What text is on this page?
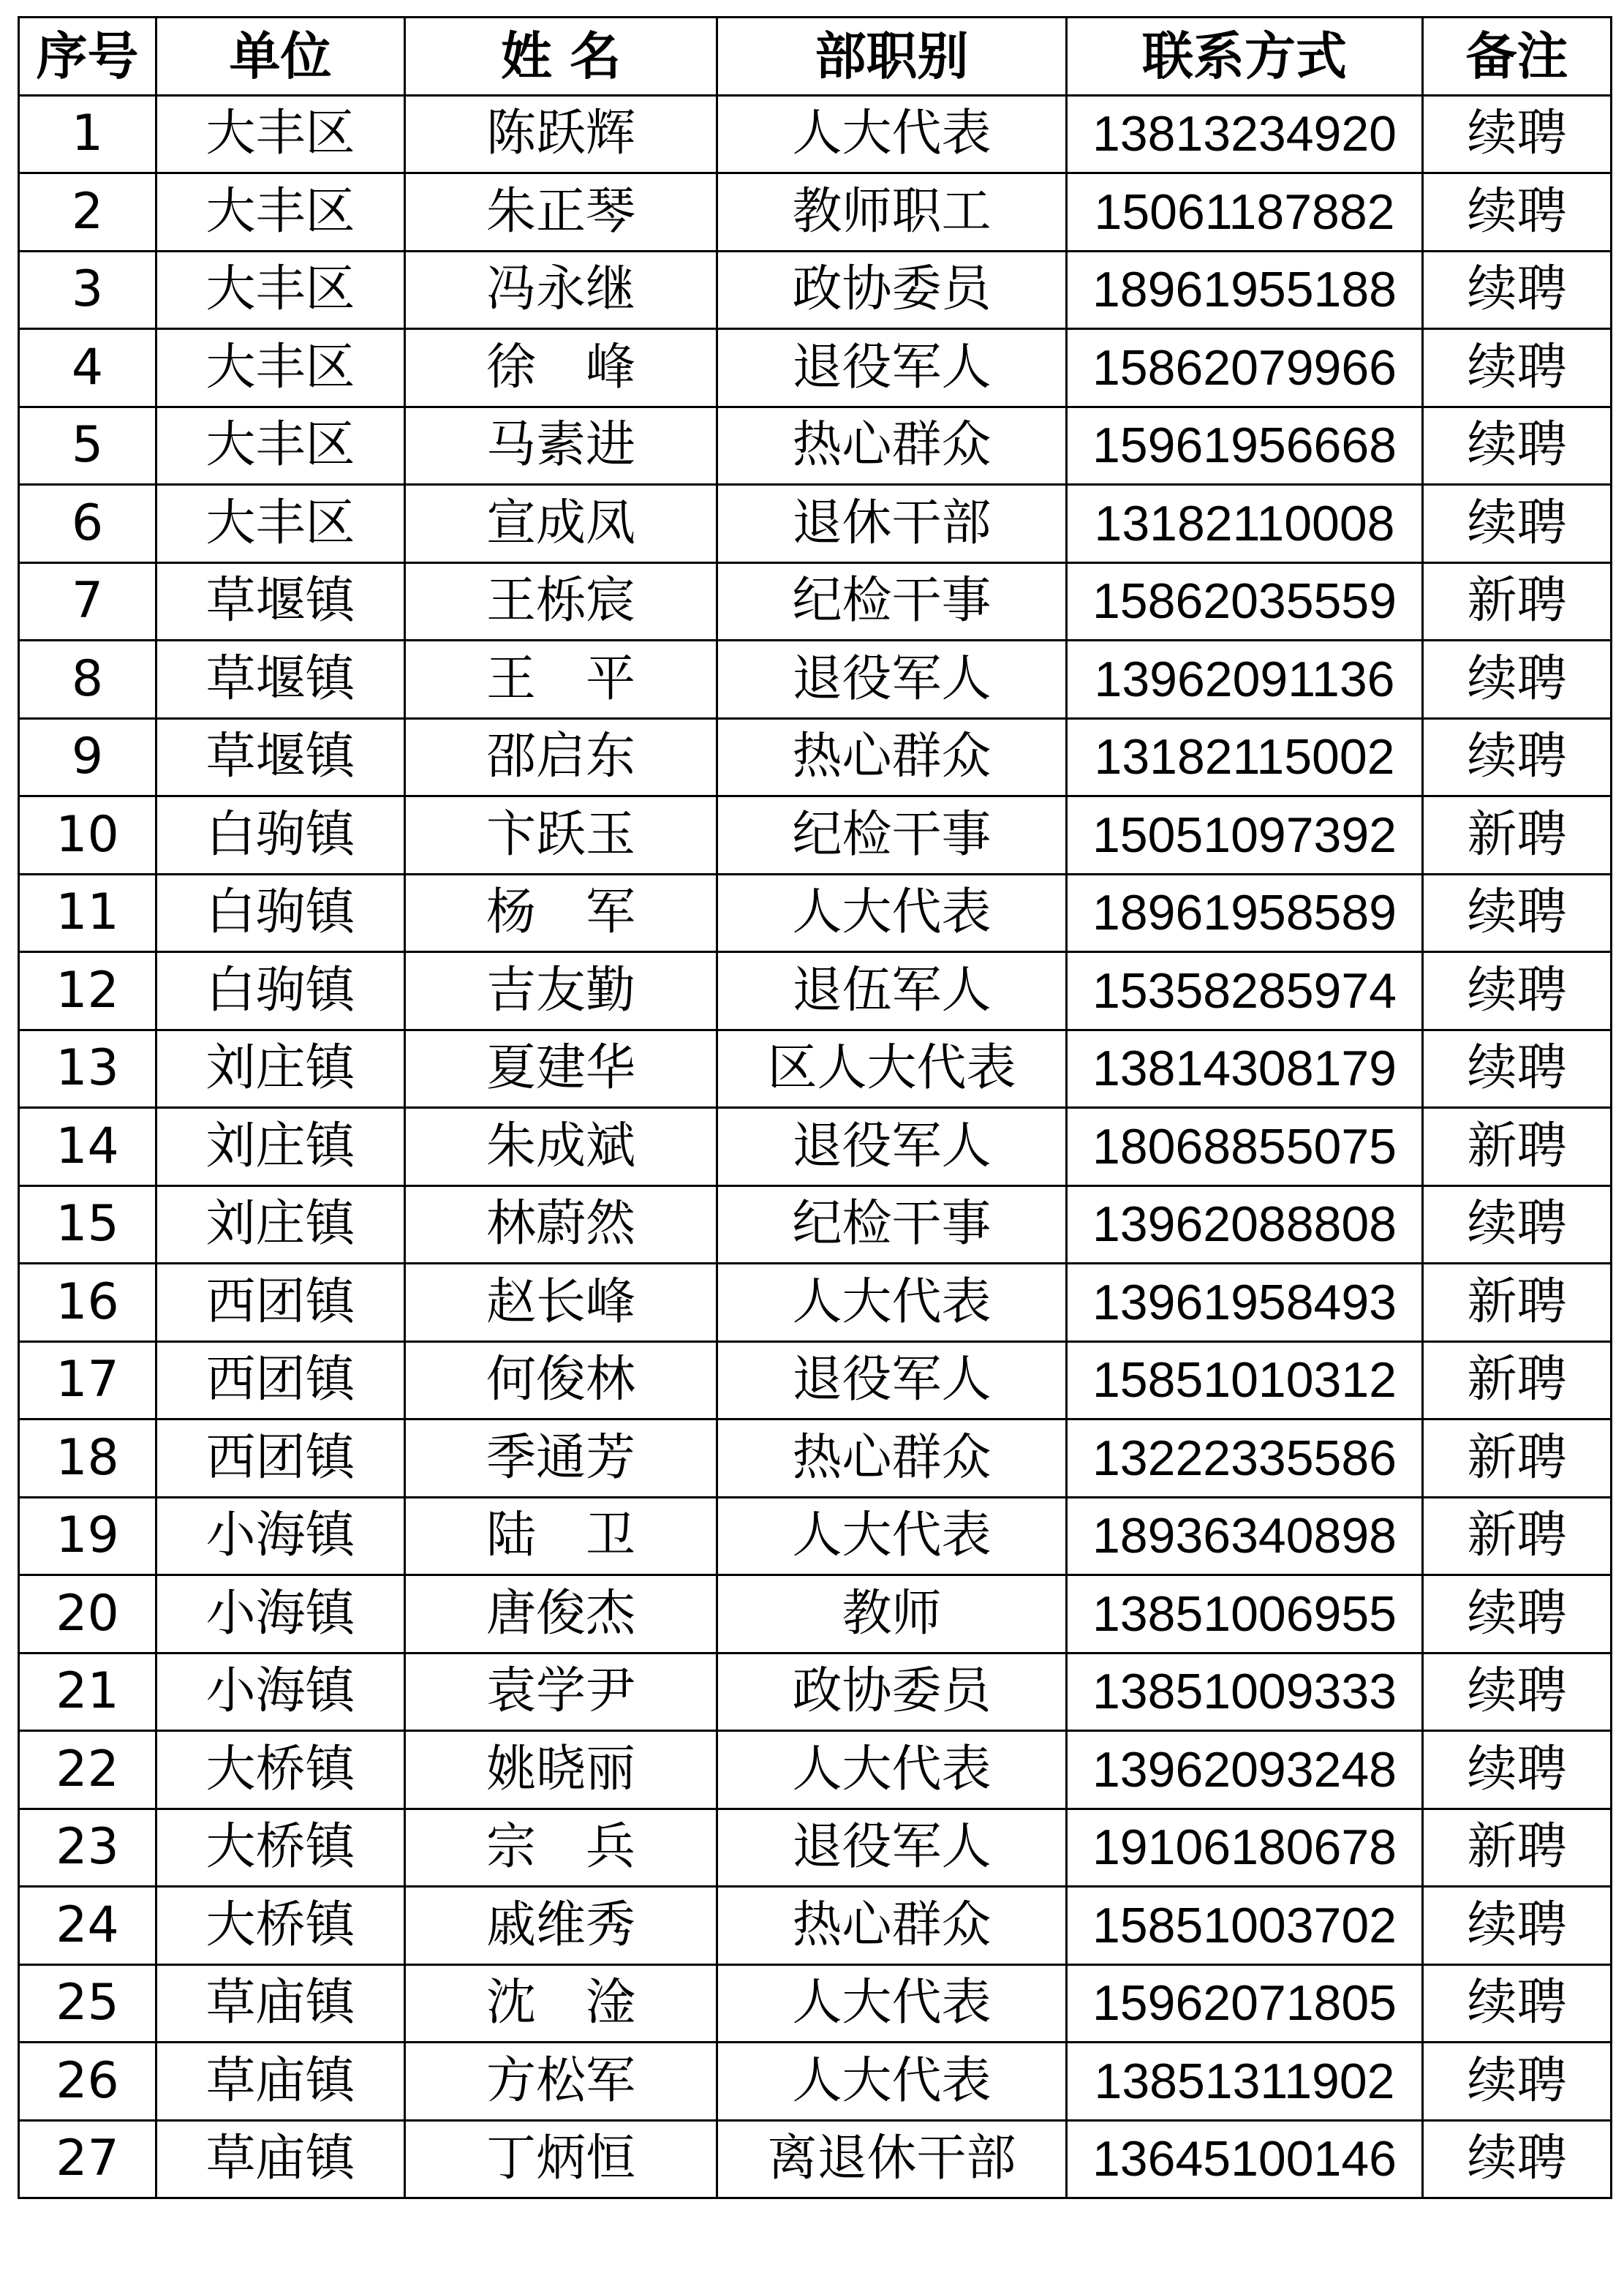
序号	单位	姓 名	部职别	联系方式	备注
1	大丰区	陈跃辉	人大代表	13813234920	续聘
2	大丰区	朱正琴	教师职工	15061187882	续聘
3	大丰区	冯永继	政协委员	18961955188	续聘
4	大丰区	徐　峰	退役军人	15862079966	续聘
5	大丰区	马素进	热心群众	15961956668	续聘
6	大丰区	宣成凤	退休干部	13182110008	续聘
7	草堰镇	王栎宸	纪检干事	15862035559	新聘
8	草堰镇	王　平	退役军人	13962091136	续聘
9	草堰镇	邵启东	热心群众	13182115002	续聘
10	白驹镇	卞跃玉	纪检干事	15051097392	新聘
11	白驹镇	杨　军	人大代表	18961958589	续聘
12	白驹镇	吉友勤	退伍军人	15358285974	续聘
13	刘庄镇	夏建华	区人大代表	13814308179	续聘
14	刘庄镇	朱成斌	退役军人	18068855075	新聘
15	刘庄镇	林蔚然	纪检干事	13962088808	续聘
16	西团镇	赵长峰	人大代表	13961958493	新聘
17	西团镇	何俊林	退役军人	15851010312	新聘
18	西团镇	季通芳	热心群众	13222335586	新聘
19	小海镇	陆　卫	人大代表	18936340898	新聘
20	小海镇	唐俊杰	教师	13851006955	续聘
21	小海镇	袁学尹	政协委员	13851009333	续聘
22	大桥镇	姚晓丽	人大代表	13962093248	续聘
23	大桥镇	宗　兵	退役军人	19106180678	新聘
24	大桥镇	戚维秀	热心群众	15851003702	续聘
25	草庙镇	沈　淦	人大代表	15962071805	续聘
26	草庙镇	方松军	人大代表	13851311902	续聘
27	草庙镇	丁炳恒	离退休干部	13645100146	续聘
